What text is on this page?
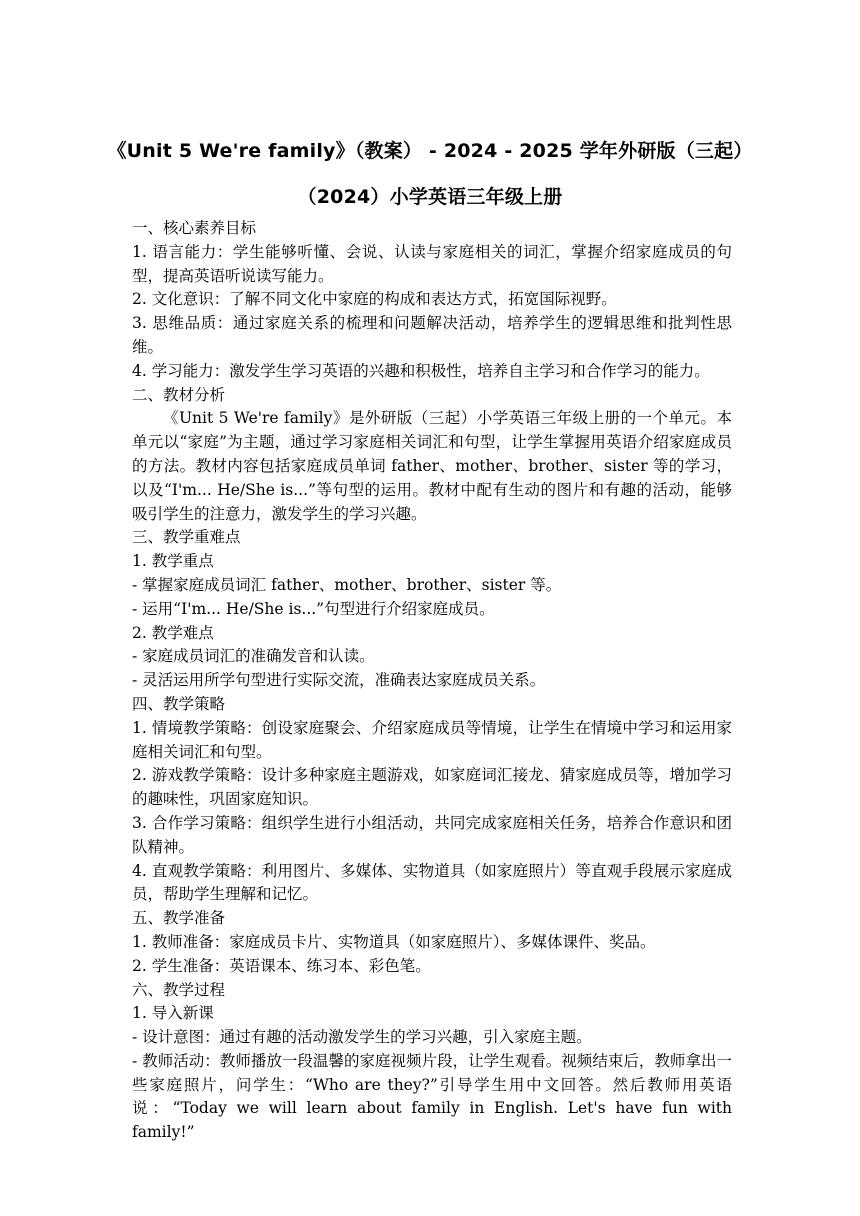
《Unit 5 We're family》（教案） - 2024 - 2025 学年外研版（三起）
（2024）小学英语三年级上册

一、核心素养目标

1. 语言能力：学生能够听懂、会说、认读与家庭相关的词汇，掌握介绍家庭成员的句型，提高英语听说读写能力。

2. 文化意识：了解不同文化中家庭的构成和表达方式，拓宽国际视野。

3. 思维品质：通过家庭关系的梳理和问题解决活动，培养学生的逻辑思维和批判性思维。

4. 学习能力：激发学生学习英语的兴趣和积极性，培养自主学习和合作学习的能力。

二、教材分析

《Unit 5 We're family》是外研版（三起）小学英语三年级上册的一个单元。本单元以“家庭”为主题，通过学习家庭相关词汇和句型，让学生掌握用英语介绍家庭成员的方法。教材内容包括家庭成员单词 father、mother、brother、sister 等的学习，以及“I'm... He/She is...”等句型的运用。教材中配有生动的图片和有趣的活动，能够吸引学生的注意力，激发学生的学习兴趣。

三、教学重难点

1. 教学重点

- 掌握家庭成员词汇 father、mother、brother、sister 等。

- 运用“I'm... He/She is...”句型进行介绍家庭成员。

2. 教学难点

- 家庭成员词汇的准确发音和认读。

- 灵活运用所学句型进行实际交流，准确表达家庭成员关系。

四、教学策略

1. 情境教学策略：创设家庭聚会、介绍家庭成员等情境，让学生在情境中学习和运用家庭相关词汇和句型。

2. 游戏教学策略：设计多种家庭主题游戏，如家庭词汇接龙、猜家庭成员等，增加学习的趣味性，巩固家庭知识。

3. 合作学习策略：组织学生进行小组活动，共同完成家庭相关任务，培养合作意识和团队精神。

4. 直观教学策略：利用图片、多媒体、实物道具（如家庭照片）等直观手段展示家庭成员，帮助学生理解和记忆。

五、教学准备

1. 教师准备：家庭成员卡片、实物道具（如家庭照片）、多媒体课件、奖品。

2. 学生准备：英语课本、练习本、彩色笔。

六、教学过程

1. 导入新课

- 设计意图：通过有趣的活动激发学生的学习兴趣，引入家庭主题。

- 教师活动：教师播放一段温馨的家庭视频片段，让学生观看。视频结束后，教师拿出一些家庭照片，问学生：“Who are they?”引导学生用中文回答。然后教师用英语说：“Today we will learn about family in English. Let's have fun with family!”
